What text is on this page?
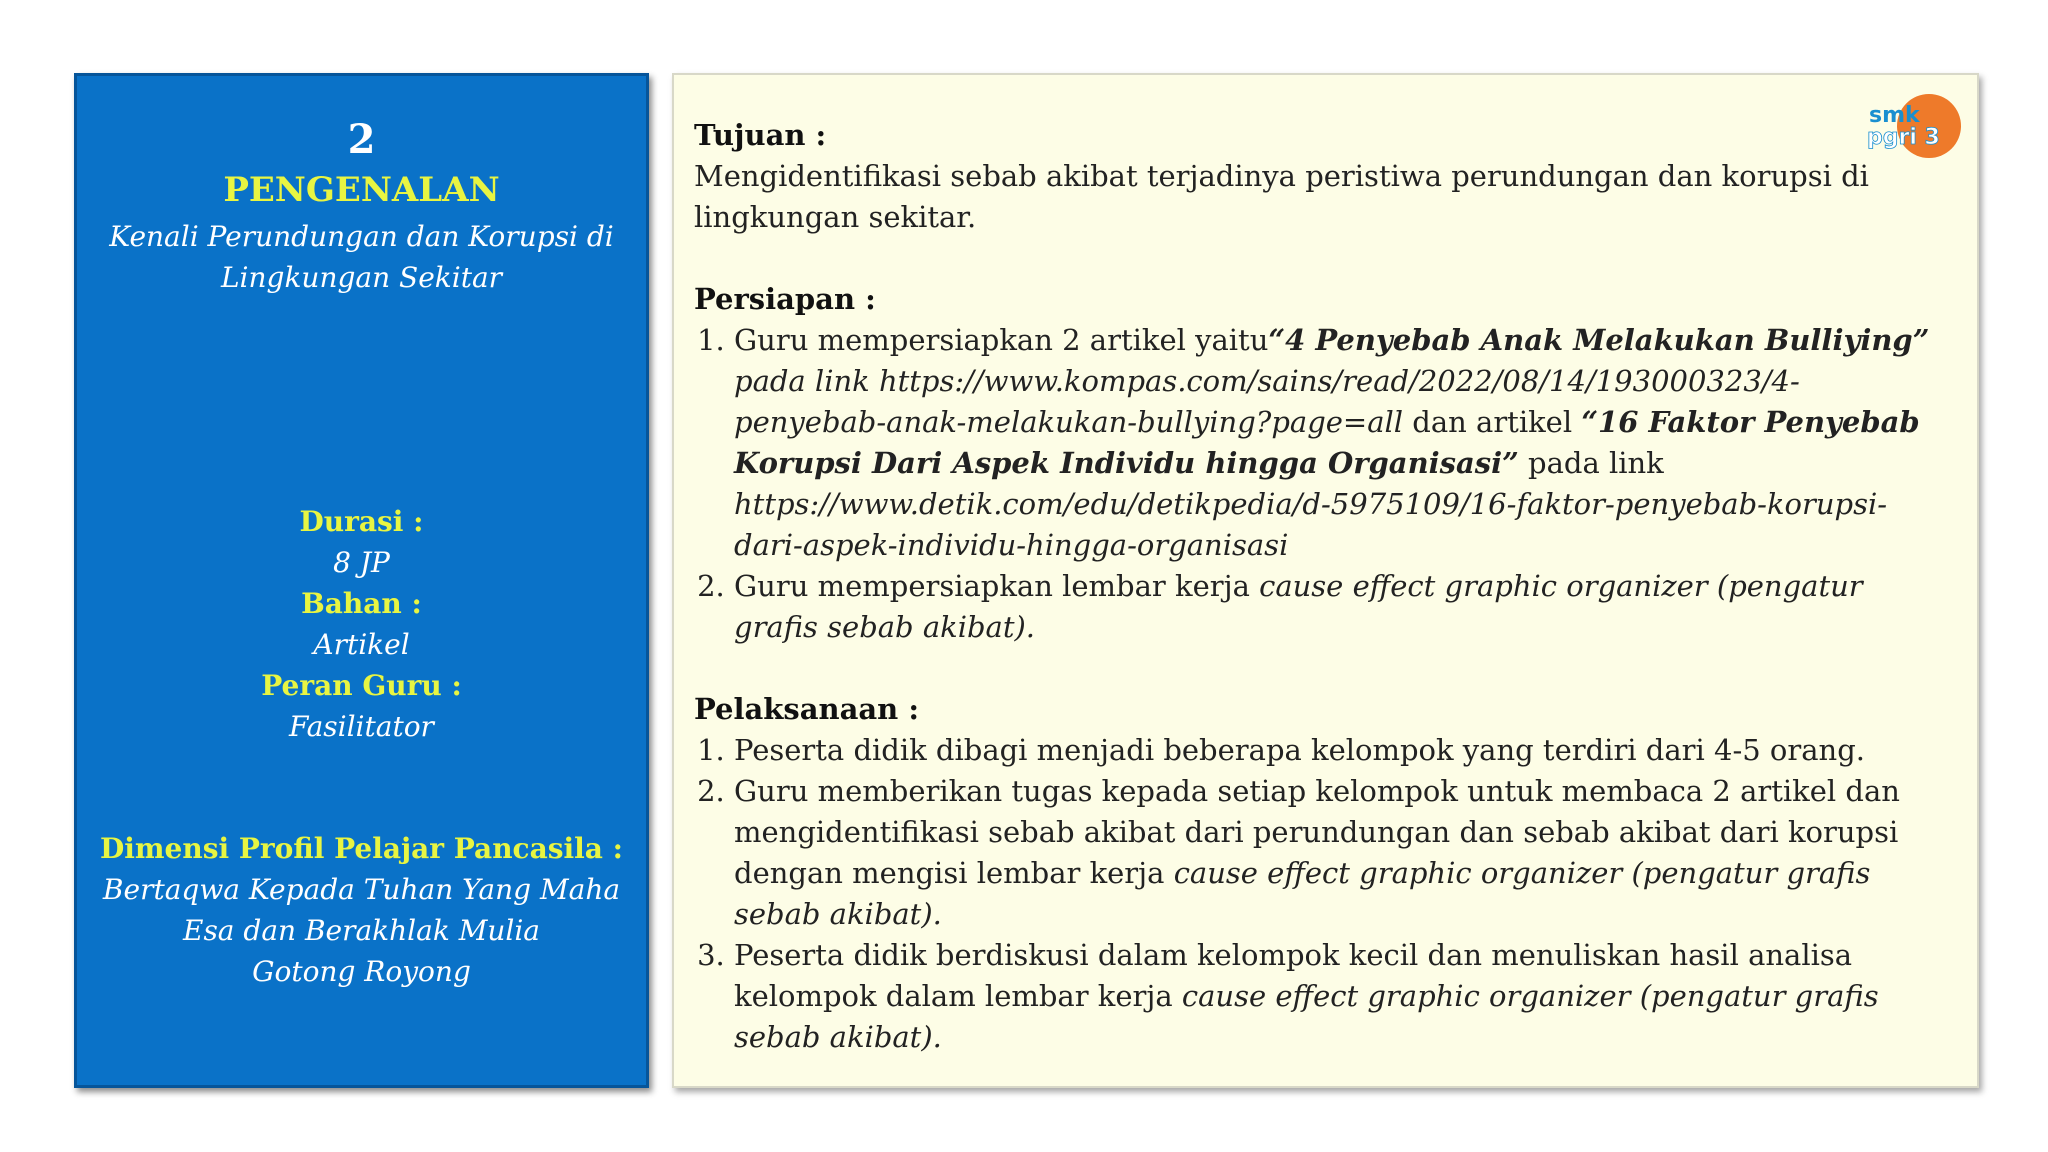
2
PENGENALAN
Kenali Perundungan dan Korupsi di
Lingkungan Sekitar
Durasi :
8 JP
Bahan :
Artikel
Peran Guru :
Fasilitator
Dimensi Profil Pelajar Pancasila :
Bertaqwa Kepada Tuhan Yang Maha
Esa dan Berakhlak Mulia
Gotong Royong
Tujuan :

Mengidentifikasi sebab akibat terjadinya peristiwa perundungan dan korupsi di lingkungan sekitar.

Persiapan :
1. Guru mempersiapkan 2 artikel yaitu“4 Penyebab Anak Melakukan Bulliying” pada link https://www.kompas.com/sains/read/2022/08/14/193000323/4-penyebab-anak-melakukan-bullying?page=all dan artikel “16 Faktor Penyebab Korupsi Dari Aspek Individu hingga Organisasi” pada link https://www.detik.com/edu/detikpedia/d-5975109/16-faktor-penyebab-korupsi-dari-aspek-individu-hingga-organisasi
2. Guru mempersiapkan lembar kerja cause effect graphic organizer (pengatur grafis sebab akibat).
Pelaksanaan :
1. Peserta didik dibagi menjadi beberapa kelompok yang terdiri dari 4-5 orang.
2. Guru memberikan tugas kepada setiap kelompok untuk membaca 2 artikel dan mengidentifikasi sebab akibat dari perundungan dan sebab akibat dari korupsi dengan mengisi lembar kerja cause effect graphic organizer (pengatur grafis sebab akibat).
3. Peserta didik berdiskusi dalam kelompok kecil dan menuliskan hasil analisa kelompok dalam lembar kerja cause effect graphic organizer (pengatur grafis sebab akibat).
smk
pgri 3
